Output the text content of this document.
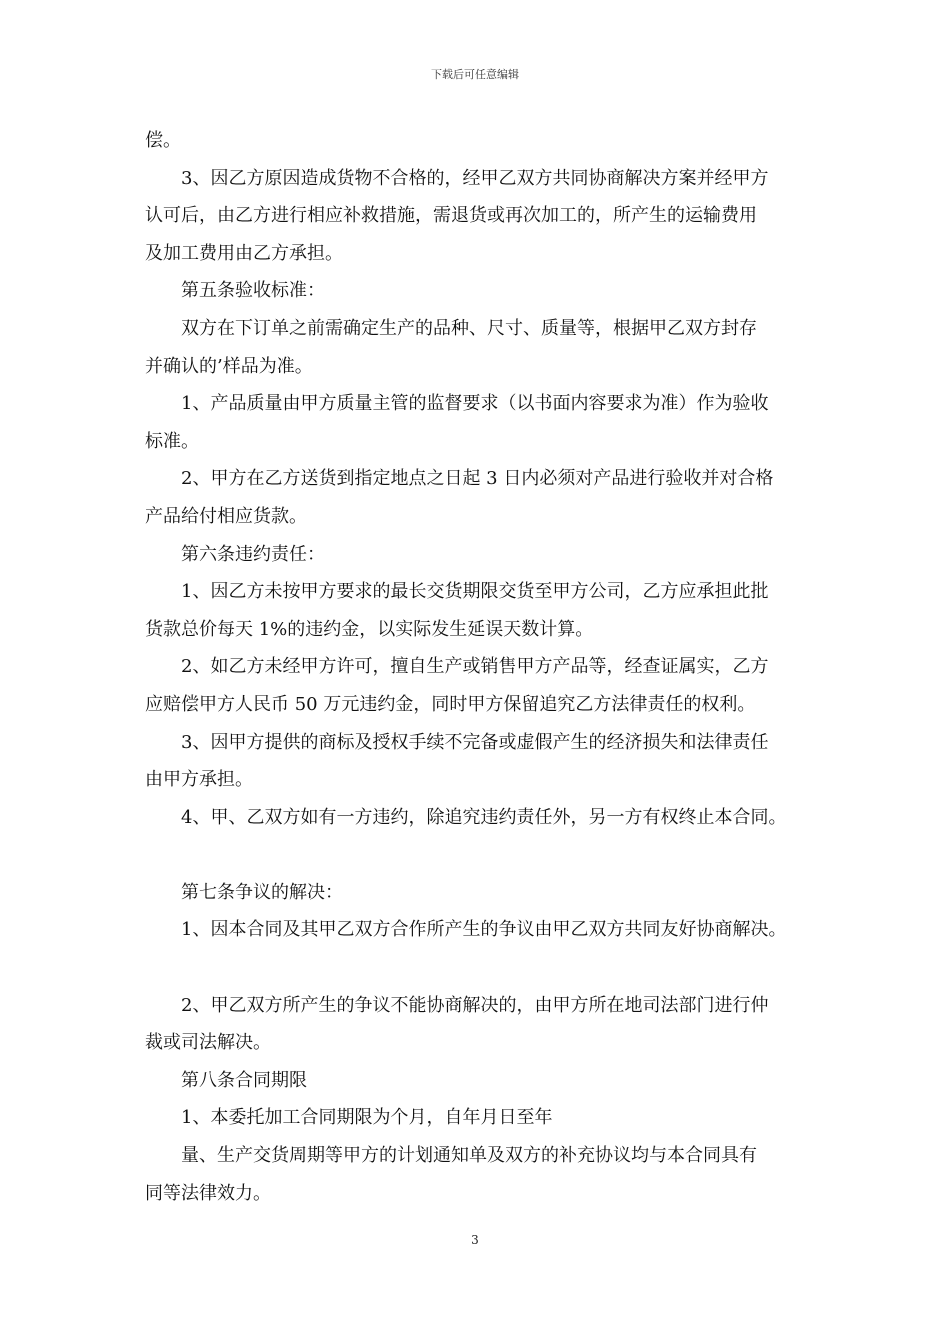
下载后可任意编辑
偿。
3、因乙方原因造成货物不合格的，经甲乙双方共同协商解决方案并经甲方
认可后，由乙方进行相应补救措施，需退货或再次加工的，所产生的运输费用
及加工费用由乙方承担。
第五条验收标准：
双方在下订单之前需确定生产的品种、尺寸、质量等，根据甲乙双方封存
并确认的’样品为准。
1、产品质量由甲方质量主管的监督要求（以书面内容要求为准）作为验收
标准。
2、甲方在乙方送货到指定地点之日起 3 日内必须对产品进行验收并对合格
产品给付相应货款。
第六条违约责任：
1、因乙方未按甲方要求的最长交货期限交货至甲方公司，乙方应承担此批
货款总价每天 1%的违约金，以实际发生延误天数计算。
2、如乙方未经甲方许可，擅自生产或销售甲方产品等，经查证属实，乙方
应赔偿甲方人民币 50 万元违约金，同时甲方保留追究乙方法律责任的权利。
3、因甲方提供的商标及授权手续不完备或虚假产生的经济损失和法律责任
由甲方承担。
4、甲、乙双方如有一方违约，除追究违约责任外，另一方有权终止本合同。
第七条争议的解决：
1、因本合同及其甲乙双方合作所产生的争议由甲乙双方共同友好协商解决。
2、甲乙双方所产生的争议不能协商解决的，由甲方所在地司法部门进行仲
裁或司法解决。
第八条合同期限
1、本委托加工合同期限为个月，自年月日至年
量、生产交货周期等甲方的计划通知单及双方的补充协议均与本合同具有
同等法律效力。
3
